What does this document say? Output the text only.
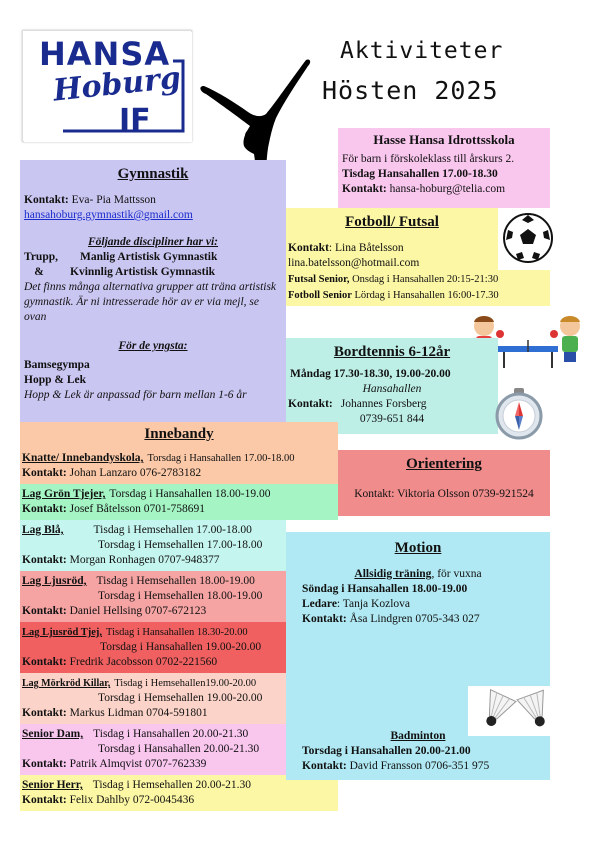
HANSA
Hoburg
IF
Aktiviteter
Hösten 2025
Hasse Hansa Idrottsskola
För barn i förskoleklass till årskurs 2.
Tisdag Hansahallen 17.00-18.30
Kontakt: hansa-hoburg@telia.com
Gymnastik
Kontakt: Eva- Pia Mattsson
hansahoburg.gymnastik@gmail.com
Följande discipliner har vi:
Trupp, Manlig Artistisk Gymnastik
& Kvinnlig Artistisk Gymnastik
Det finns många alternativa grupper att träna artistisk gymnastik. Är ni intresserade hör av er via mejl, se ovan
För de yngsta:
Bamsegympa
Hopp & Lek
Hopp & Lek är anpassad för barn mellan 1-6 år
Fotboll/ Futsal
Kontakt: Lina Båtelsson
lina.batelsson@hotmail.com
Futsal Senior, Onsdag i Hansahallen 20:15-21:30
Fotboll Senior Lördag i Hansahallen 16:00-17.30
Bordtennis 6-12år
Måndag 17.30-18.30, 19.00-20.00
Hansahallen
Kontakt: Johannes Forsberg
0739-651 844
Orientering
Kontakt: Viktoria Olsson 0739-921524
Innebandy
Knatte/ Innebandyskola, Torsdag i Hansahallen 17.00-18.00
Kontakt: Johan Lanzaro 076-2783182
Lag Grön Tjejer, Torsdag i Hansahallen 18.00-19.00
Kontakt: Josef Båtelsson 0701-758691
Lag Blå,	Tisdag i Hemsehallen 17.00-18.00
Torsdag i Hemsehallen 17.00-18.00
Kontakt: Morgan Ronhagen 0707-948377
Lag Ljusröd, Tisdag i Hemsehallen 18.00-19.00
Torsdag i Hemsehallen 18.00-19.00
Kontakt: Daniel Hellsing 0707-672123
Lag Ljusröd Tjej, Tisdag i Hansahallen 18.30-20.00
Torsdag i Hansahallen 19.00-20.00
Kontakt: Fredrik Jacobsson 0702-221560
Lag Mörkröd Killar, Tisdag i Hemsehallen19.00-20.00
Torsdag i Hemsehallen 19.00-20.00
Kontakt: Markus Lidman 0704-591801
Senior Dam, Tisdag i Hansahallen 20.00-21.30
Torsdag i Hansahallen 20.00-21.30
Kontakt: Patrik Almqvist 0707-762339
Senior Herr, Tisdag i Hemsehallen 20.00-21.30
Kontakt: Felix Dahlby 072-0045436
Motion
Allsidig träning, för vuxna
Söndag i Hansahallen 18.00-19.00
Ledare: Tanja Kozlova
Kontakt: Åsa Lindgren 0705-343 027
Badminton
Torsdag i Hansahallen 20.00-21.00
Kontakt: David Fransson 0706-351 975
